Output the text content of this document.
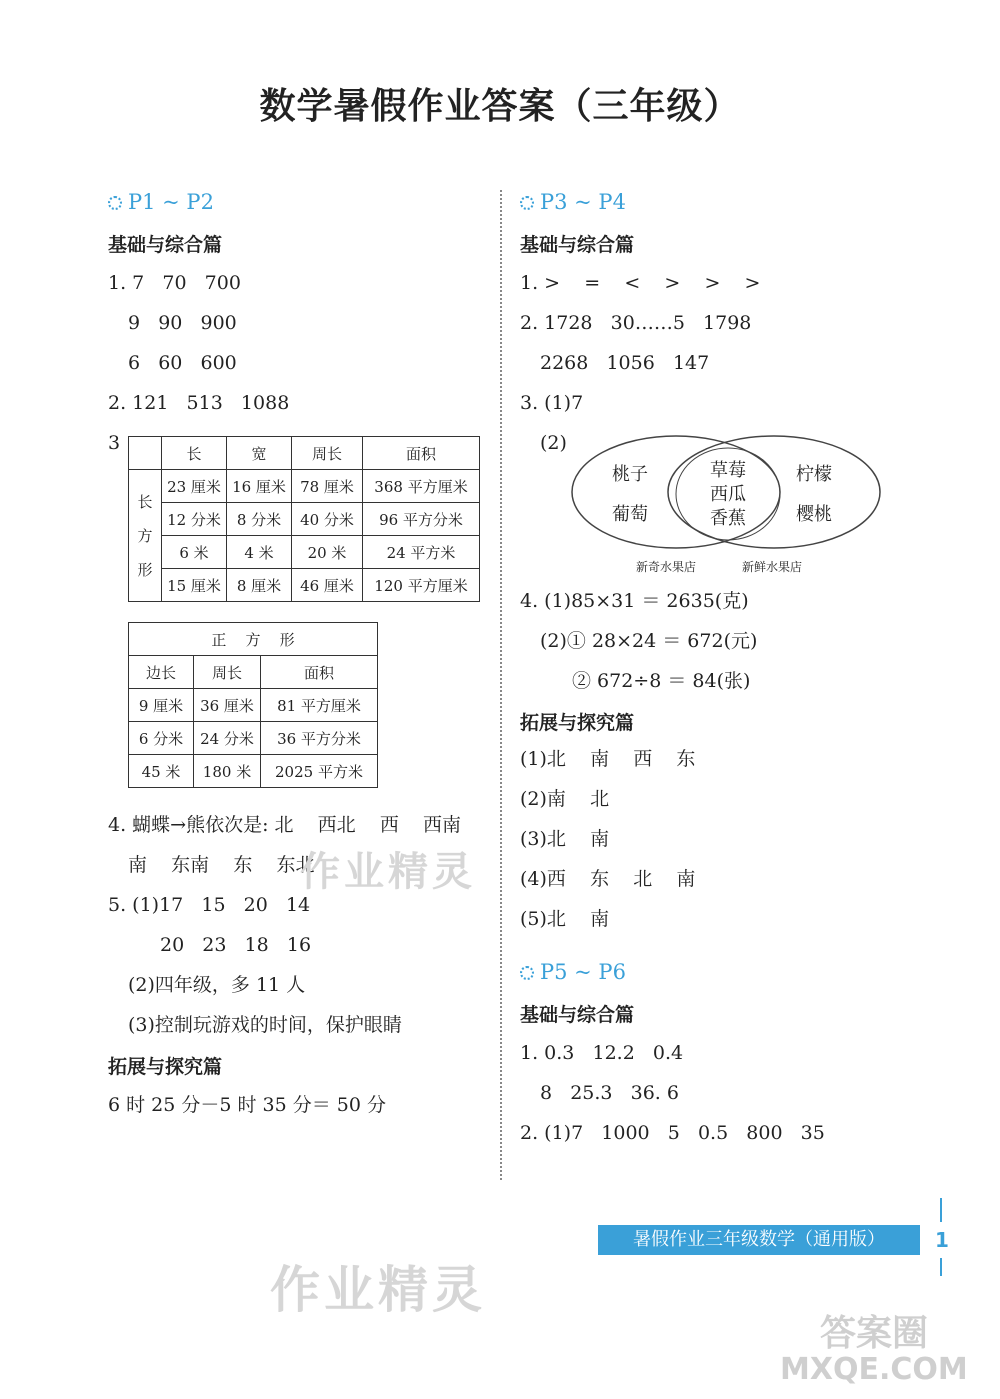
数学暑假作业答案（三年级）
P1 ~ P2
基础与综合篇
1. 7   70   700
9   90   900
6   60   600
2. 121   513   1088
3
		长	宽	周长	面积

长
方
形	23 厘米	16 厘米	78 厘米	368 平方厘米
	12 分米	8 分米	40 分米	96 平方分米
	6 米	4 米	20 米	24 平方米
	15 厘米	8 厘米	46 厘米	120 平方厘米
正    方    形		
边长	周长	面积
9 厘米	36 厘米	81 平方厘米
6 分米	24 分米	36 平方分米
45 米	180 米	2025 平方米
4. 蝴蝶→熊依次是: 北    西北    西    西南
南    东南    东    东北
5. (1)17   15   20   14
20   23   18   16
(2)四年级，多 11 人
(3)控制玩游戏的时间，保护眼睛
拓展与探究篇
6 时 25 分－5 时 35 分＝ 50 分
作业精灵
作业精灵
P3 ~ P4
基础与综合篇
1. >    =    <    >    >    >
2. 1728   30……5   1798
2268   1056   147
3. (1)7
(2)
桃子
葡萄
草莓
西瓜
香蕉
柠檬
樱桃
新奇水果店	新鲜水果店
4. (1)85×31 ＝ 2635(克)
(2)① 28×24 ＝ 672(元)
② 672÷8 ＝ 84(张)
拓展与探究篇
(1)北    南    西    东
(2)南    北
(3)北    南
(4)西    东    北    南
(5)北    南
P5 ~ P6
基础与综合篇
1. 0.3   12.2   0.4
8   25.3   36. 6
2. (1)7   1000   5   0.5   800   35
暑假作业三年级数学（通用版）	1
答案圈
MXQE.COM
